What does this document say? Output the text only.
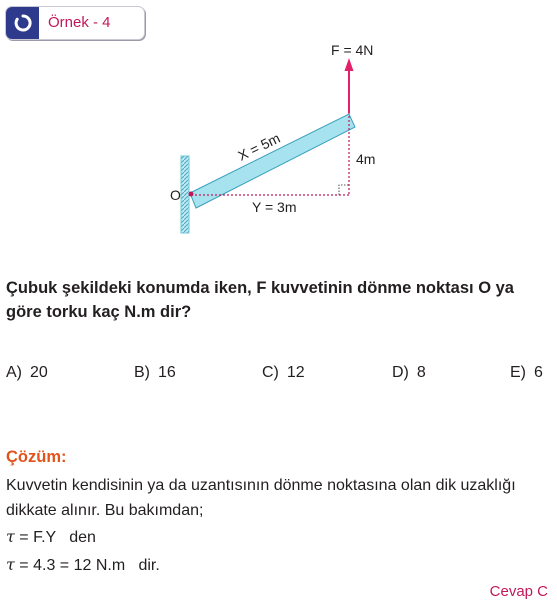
Örnek - 4
F = 4N
X = 5m	4m
Y = 3m
O
Çubuk şekildeki konumda iken, F kuvvetinin dönme noktası O ya göre torku kaç N.m dir?
A) 20	B) 16	C) 12	D) 8	E) 6
Çözüm:
Kuvvetin kendisinin ya da uzantısının dönme noktasına olan dik uzaklığı dikkate alınır. Bu bakımdan;
τ = F.Y   den
τ = 4.3 = 12 N.m   dir.
Cevap C
